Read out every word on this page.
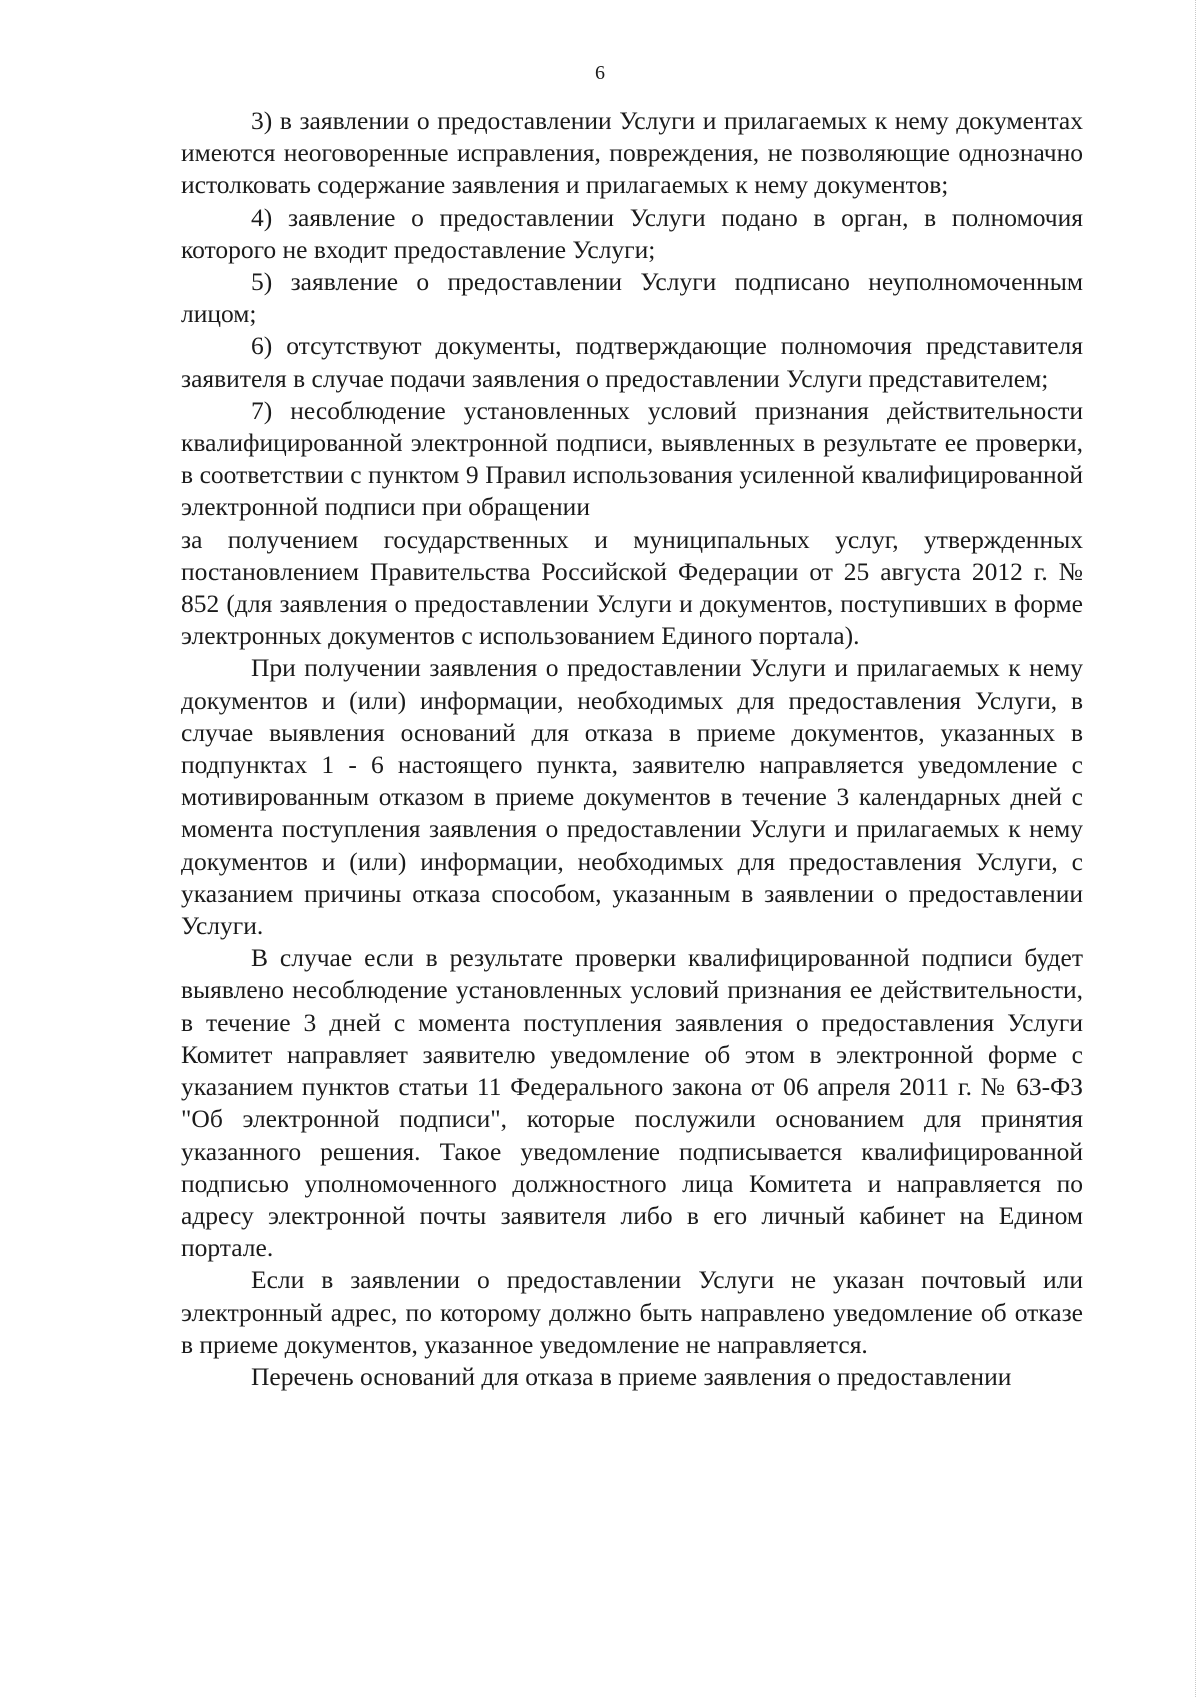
6

3) в заявлении о предоставлении Услуги и прилагаемых к нему документах имеются неоговоренные исправления, повреждения, не позволяющие однозначно истолковать содержание заявления и прилагаемых к нему документов;

4) заявление о предоставлении Услуги подано в орган, в полномочия которого не входит предоставление Услуги;

5) заявление о предоставлении Услуги подписано неуполномоченным лицом;

6) отсутствуют документы, подтверждающие полномочия представителя заявителя в случае подачи заявления о предоставлении Услуги представителем;

7) несоблюдение установленных условий признания действительности квалифицированной электронной подписи, выявленных в результате ее проверки, в соответствии с пунктом 9 Правил использования усиленной квалифицированной электронной подписи при обращении

за получением государственных и муниципальных услуг, утвержденных постановлением Правительства Российской Федерации от 25 августа 2012 г. № 852 (для заявления о предоставлении Услуги и документов, поступивших в форме электронных документов с использованием Единого портала).

При получении заявления о предоставлении Услуги и прилагаемых к нему документов и (или) информации, необходимых для предоставления Услуги, в случае выявления оснований для отказа в приеме документов, указанных в подпунктах 1 - 6 настоящего пункта, заявителю направляется уведомление с мотивированным отказом в приеме документов в течение 3 календарных дней с момента поступления заявления о предоставлении Услуги и прилагаемых к нему документов и (или) информации, необходимых для предоставления Услуги, с указанием причины отказа способом, указанным в заявлении о предоставлении Услуги.

В случае если в результате проверки квалифицированной подписи будет выявлено несоблюдение установленных условий признания ее действительности, в течение 3 дней с момента поступления заявления о предоставления Услуги Комитет направляет заявителю уведомление об этом в электронной форме с указанием пунктов статьи 11 Федерального закона от 06 апреля 2011 г. № 63-ФЗ "Об электронной подписи", которые послужили основанием для принятия указанного решения. Такое уведомление подписывается квалифицированной подписью уполномоченного должностного лица Комитета и направляется по адресу электронной почты заявителя либо в его личный кабинет на Едином портале.

Если в заявлении о предоставлении Услуги не указан почтовый или электронный адрес, по которому должно быть направлено уведомление об отказе в приеме документов, указанное уведомление не направляется.

Перечень оснований для отказа в приеме заявления о предоставлении
